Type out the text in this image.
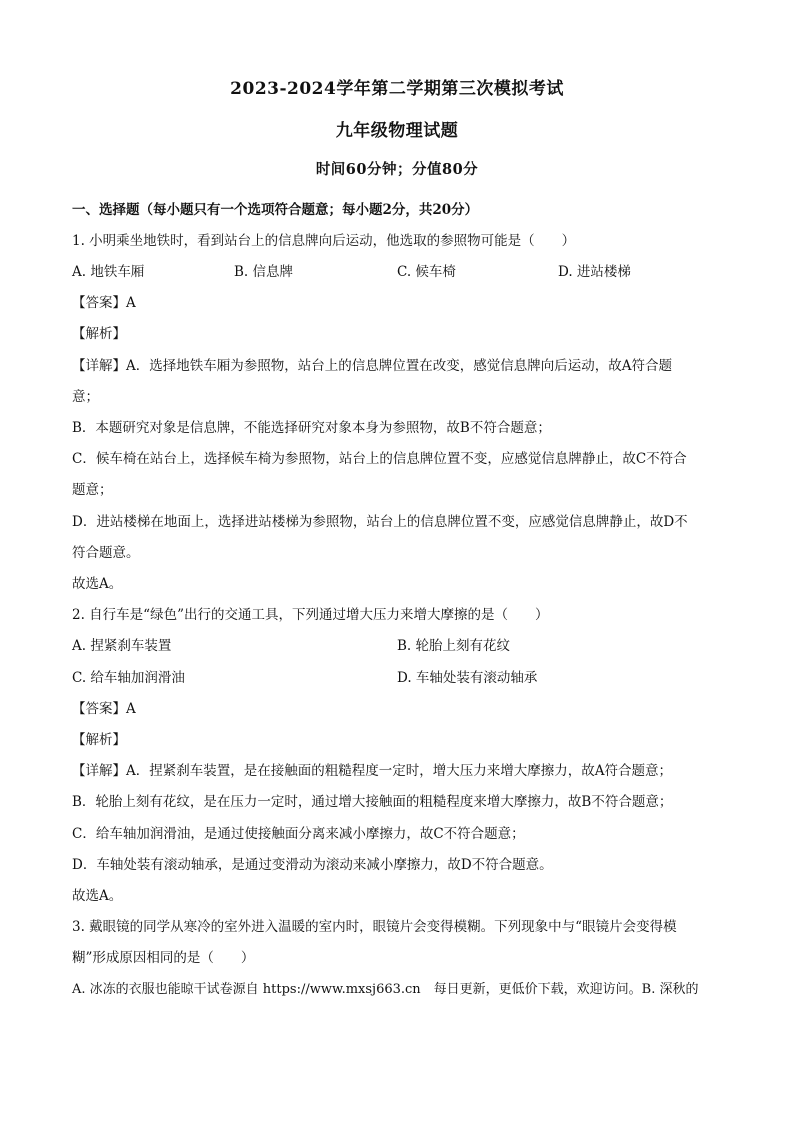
2023-2024学年第二学期第三次模拟考试
九年级物理试题
时间60分钟；分值80分
一、选择题（每小题只有一个选项符合题意；每小题2分，共20分）
1. 小明乘坐地铁时，看到站台上的信息牌向后运动，他选取的参照物可能是（　　）
A. 地铁车厢	B. 信息牌	C. 候车椅	D. 进站楼梯
【答案】A
【解析】
【详解】A．选择地铁车厢为参照物，站台上的信息牌位置在改变，感觉信息牌向后运动，故A符合题
意；
B．本题研究对象是信息牌，不能选择研究对象本身为参照物，故B不符合题意；
C．候车椅在站台上，选择候车椅为参照物，站台上的信息牌位置不变，应感觉信息牌静止，故C不符合
题意；
D．进站楼梯在地面上，选择进站楼梯为参照物，站台上的信息牌位置不变，应感觉信息牌静止，故D不
符合题意。
故选A。
2. 自行车是“绿色”出行的交通工具，下列通过增大压力来增大摩擦的是（　　）
A. 捏紧刹车装置	B. 轮胎上刻有花纹
C. 给车轴加润滑油	D. 车轴处装有滚动轴承
【答案】A
【解析】
【详解】A．捏紧刹车装置，是在接触面的粗糙程度一定时，增大压力来增大摩擦力，故A符合题意；
B．轮胎上刻有花纹，是在压力一定时，通过增大接触面的粗糙程度来增大摩擦力，故B不符合题意；
C．给车轴加润滑油，是通过使接触面分离来减小摩擦力，故C不符合题意；
D．车轴处装有滚动轴承，是通过变滑动为滚动来减小摩擦力，故D不符合题意。
故选A。
3. 戴眼镜的同学从寒冷的室外进入温暖的室内时，眼镜片会变得模糊。下列现象中与“眼镜片会变得模
糊”形成原因相同的是（　　）
A. 冰冻的衣服也能晾干试卷源自 https://www.mxsj663.cn　每日更新，更低价下载，欢迎访问。B. 深秋的
